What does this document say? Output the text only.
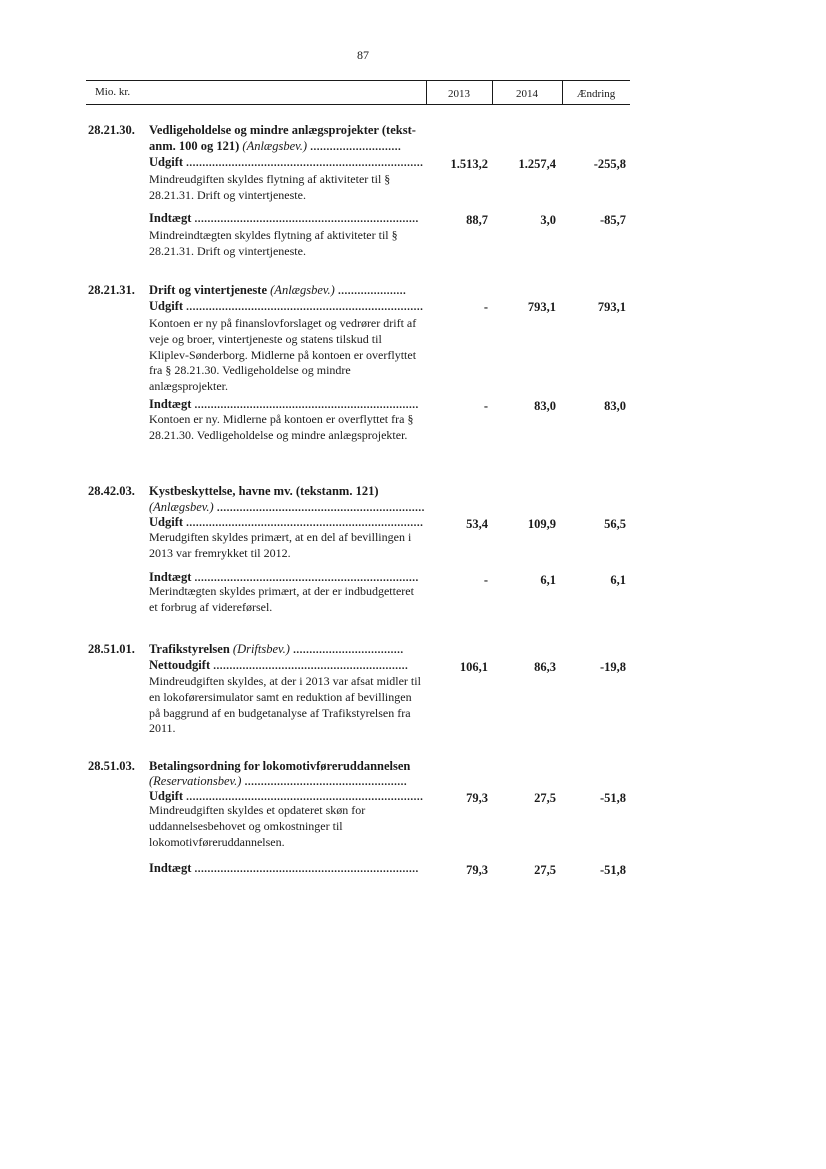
87
Mio. kr.	2013	2014	Ændring
28.21.30. Vedligeholdelse og mindre anlægsprojekter (tekst-
anm. 100 og 121) (Anlægsbev.) ............................
Udgift .........................................................................	1.513,2	1.257,4	-255,8
Mindreudgiften skyldes flytning af aktiviteter til § 28.21.31. Drift og vintertjeneste.
Indtægt .....................................................................	88,7	3,0	-85,7
Mindreindtægten skyldes flytning af aktiviteter til § 28.21.31. Drift og vintertjeneste.
28.21.31. Drift og vintertjeneste (Anlægsbev.) .....................
Udgift .........................................................................	-	793,1	793,1
Kontoen er ny på finanslovforslaget og vedrører drift af veje og broer, vintertjeneste og statens tilskud til Kliplev-Sønderborg. Midlerne på kontoen er overflyttet fra § 28.21.30. Vedligeholdelse og mindre anlægsprojekter.
Indtægt .....................................................................	-	83,0	83,0
Kontoen er ny. Midlerne på kontoen er overflyttet fra § 28.21.30. Vedligeholdelse og mindre anlægsprojekter.
28.42.03. Kystbeskyttelse, havne mv. (tekstanm. 121)
(Anlægsbev.) ................................................................
Udgift .........................................................................	53,4	109,9	56,5
Merudgiften skyldes primært, at en del af bevillingen i 2013 var fremrykket til 2012.
Indtægt .....................................................................	-	6,1	6,1
Merindtægten skyldes primært, at der er indbudgetteret et forbrug af videreførsel.
28.51.01. Trafikstyrelsen (Driftsbev.) ..................................
Nettoudgift ............................................................	106,1	86,3	-19,8
Mindreudgiften skyldes, at der i 2013 var afsat midler til en lokoførersimulator samt en reduktion af bevillingen på baggrund af en budgetanalyse af Trafikstyrelsen fra 2011.
28.51.03. Betalingsordning for lokomotivføreruddannelsen
(Reservationsbev.) ..................................................
Udgift .........................................................................	79,3	27,5	-51,8
Mindreudgiften skyldes et opdateret skøn for uddannelsesbehovet og omkostninger til lokomotivføreruddannelsen.
Indtægt .....................................................................	79,3	27,5	-51,8
